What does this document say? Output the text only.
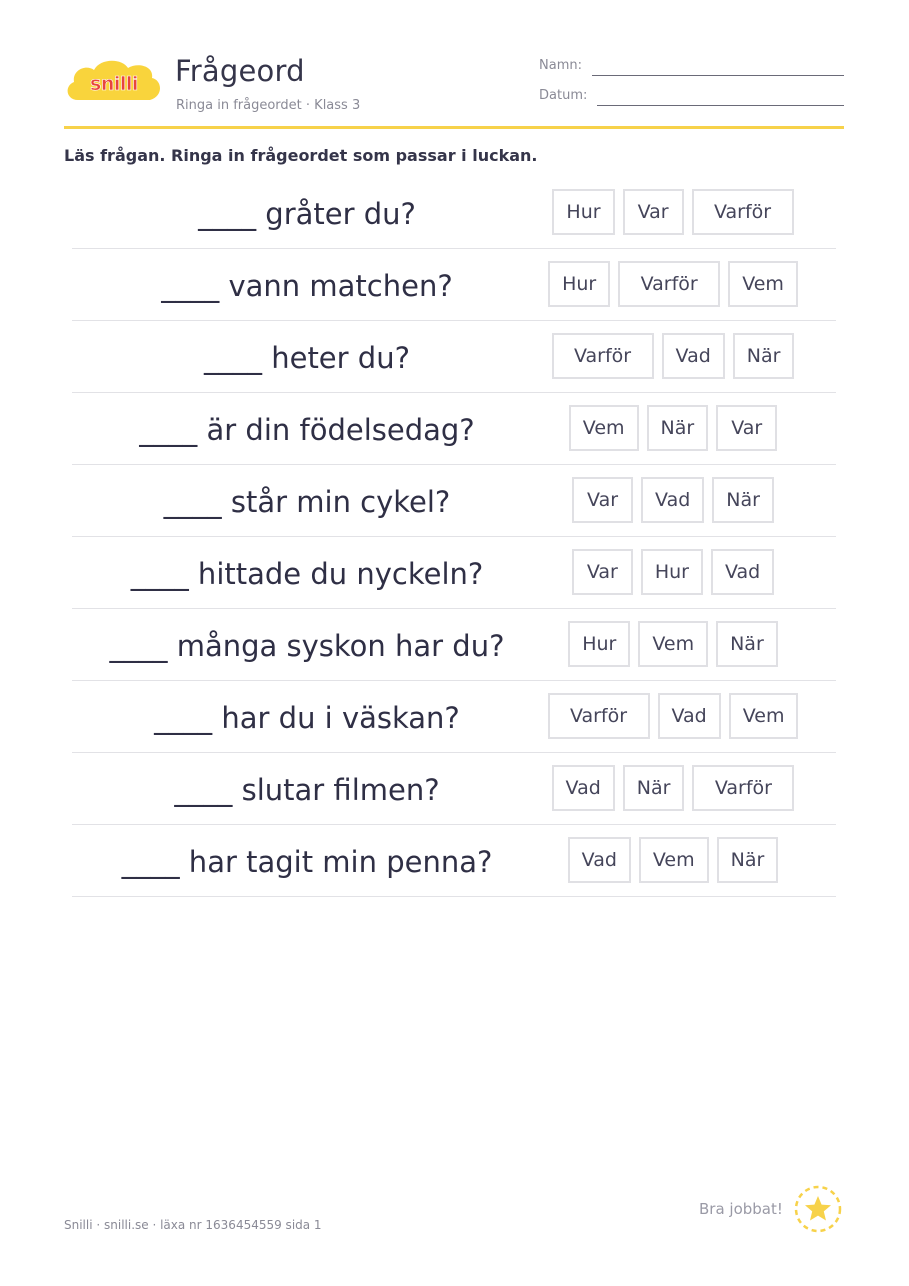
snilli Frågeord
Ringa in frågeordet · Klass 3
Namn:
Datum:
Läs frågan. Ringa in frågeordet som passar i luckan.
____ gråter du?	Hur	Var	Varför
____ vann matchen?	Hur	Varför	Vem
____ heter du?	Varför	Vad	När
____ är din födelsedag?	Vem	När	Var
____ står min cykel?	Var	Vad	När
____ hittade du nyckeln?	Var	Hur	Vad
____ många syskon har du?	Hur	Vem	När
____ har du i väskan?	Varför	Vad	Vem
____ slutar filmen?	Vad	När	Varför
____ har tagit min penna?	Vad	Vem	När
Snilli · snilli.se · läxa nr 1636454559 sida 1
Bra jobbat!
